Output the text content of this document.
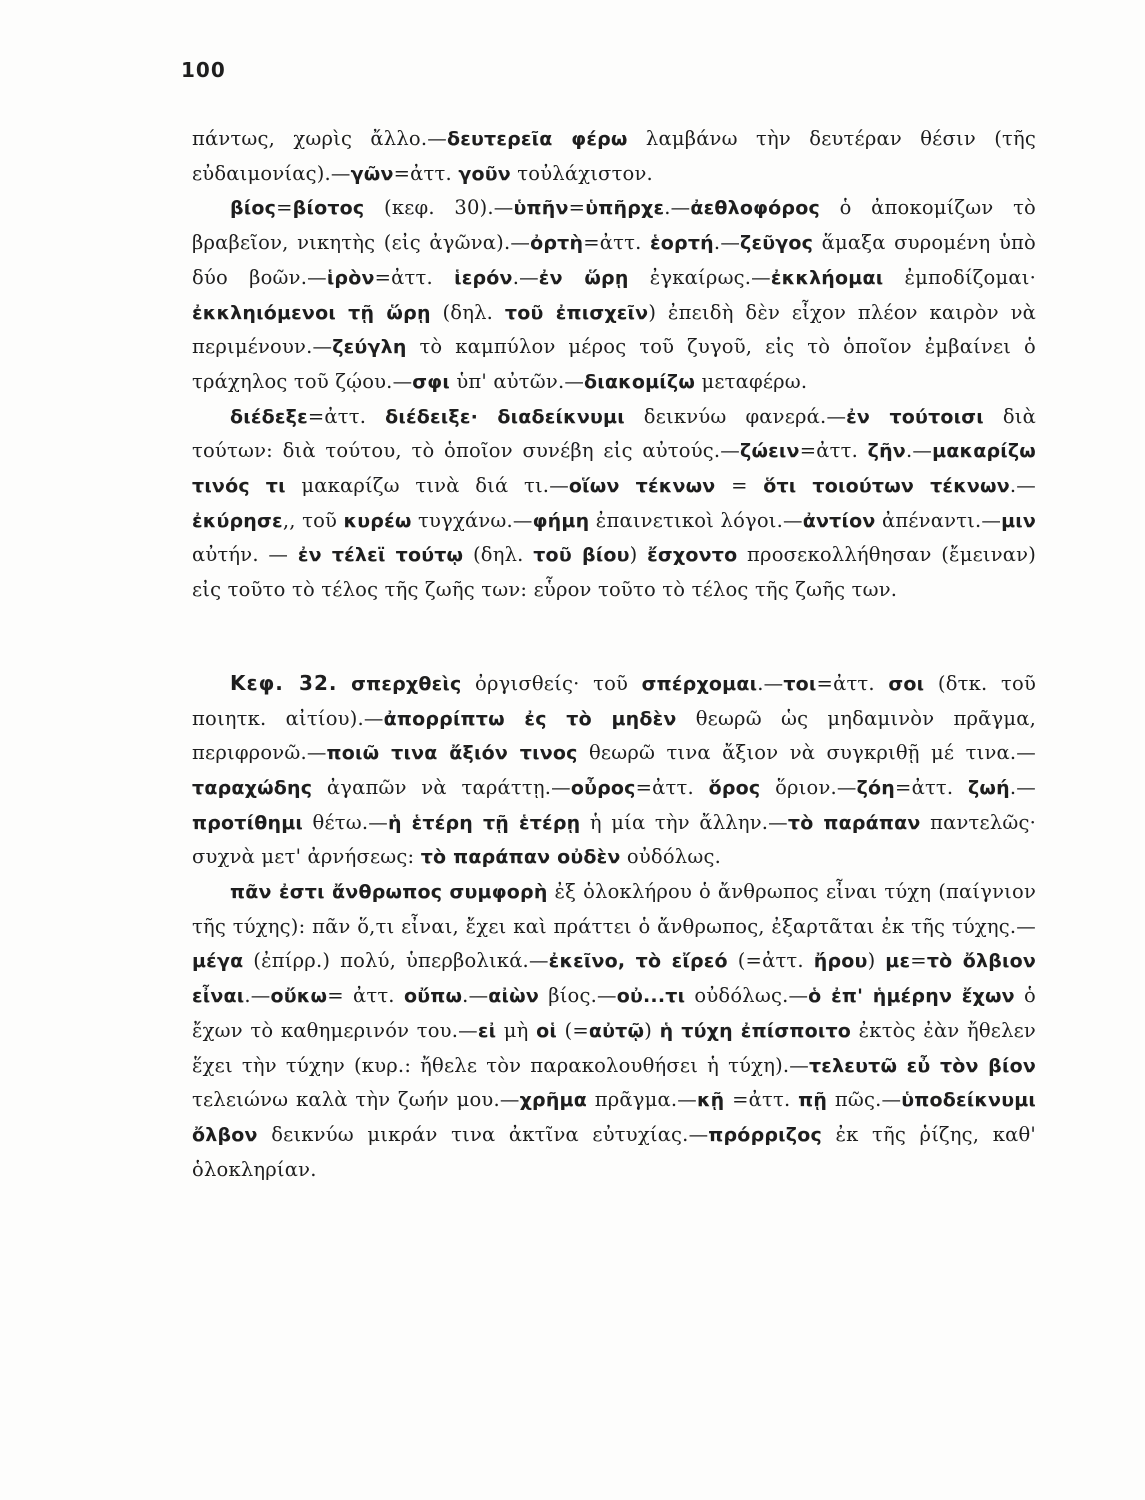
100

πάντως, χωρὶς ἄλλο.—δευτερεῖα φέρω λαμβάνω τὴν δευτέραν θέσιν (τῆς εὐδαιμονίας).—γῶν=ἀττ. γοῦν τοὐλάχιστον.

βίος=βίοτος (κεφ. 30).—ὑπῆν=ὑπῆρχε.—ἀεθλοφόρος ὁ ἀποκομίζων τὸ βραβεῖον, νικητὴς (εἰς ἀγῶνα).—ὀρτὴ=ἀττ. ἑορτή.—ζεῦγος ἅμαξα συρομένη ὑπὸ δύο βοῶν.—ἱρὸν=ἀττ. ἱερόν.—ἐν ὥρῃ ἐγκαίρως.—ἐκκλήομαι ἐμποδίζομαι· ἐκκληιόμενοι τῇ ὥρῃ (δηλ. τοῦ ἐπισχεῖν) ἐπειδὴ δὲν εἶχον πλέον καιρὸν νὰ περιμένουν.—ζεύγλη τὸ καμπύλον μέρος τοῦ ζυγοῦ, εἰς τὸ ὁποῖον ἐμβαίνει ὁ τράχηλος τοῦ ζῴου.—σφι ὑπ' αὐτῶν.—διακομίζω μεταφέρω.

διέδεξε=ἀττ. διέδειξε· διαδείκνυμι δεικνύω φανερά.—ἐν τούτοισι διὰ τούτων: διὰ τούτου, τὸ ὁποῖον συνέβη εἰς αὐτούς.—ζώειν=ἀττ. ζῆν.—μακαρίζω τινός τι μακαρίζω τινὰ διά τι.—οἵων τέκνων = ὅτι τοιούτων τέκνων.—ἐκύρησε,, τοῦ κυρέω τυγχάνω.—φήμη ἐπαινετικοὶ λόγοι.—ἀντίον ἀπέναντι.—μιν αὐτήν. — ἐν τέλεϊ τούτῳ (δηλ. τοῦ βίου) ἔσχοντο προσεκολλήθησαν (ἔμειναν) εἰς τοῦτο τὸ τέλος τῆς ζωῆς των: εὗρον τοῦτο τὸ τέλος τῆς ζωῆς των.

Κεφ. 32. σπερχθεὶς ὀργισθείς· τοῦ σπέρχομαι.—τοι=ἀττ. σοι (δτκ. τοῦ ποιητκ. αἰτίου).—ἀπορρίπτω ἐς τὸ μηδὲν θεωρῶ ὡς μηδαμινὸν πρᾶγμα, περιφρονῶ.—ποιῶ τινα ἄξιόν τινος θεωρῶ τινα ἄξιον νὰ συγκριθῇ μέ τινα.—ταραχώδης ἀγαπῶν νὰ ταράττῃ.—οὖρος=ἀττ. ὅρος ὅριον.—ζόη=ἀττ. ζωή.—προτίθημι θέτω.—ἡ ἑτέρη τῇ ἑτέρῃ ἡ μία τὴν ἄλλην.—τὸ παράπαν παντελῶς· συχνὰ μετ' ἀρνήσεως: τὸ παράπαν οὐδὲν οὐδόλως.

πᾶν ἐστι ἄνθρωπος συμφορὴ ἐξ ὁλοκλήρου ὁ ἄνθρωπος εἶναι τύχη (παίγνιον τῆς τύχης): πᾶν ὅ,τι εἶναι, ἔχει καὶ πράττει ὁ ἄνθρωπος, ἐξαρτᾶται ἐκ τῆς τύχης.—μέγα (ἐπίρρ.) πολύ, ὑπερβολικά.—ἐκεῖνο, τὸ εἴρεό (=ἀττ. ἤρου) με=τὸ ὄλβιον εἶναι.—οὔκω= ἀττ. οὔπω.—αἰὼν βίος.—οὐ...τι οὐδόλως.—ὁ ἐπ' ἡμέρην ἔχων ὁ ἔχων τὸ καθημερινόν του.—εἰ μὴ οἱ (=αὐτῷ) ἡ τύχη ἐπίσποιτο ἐκτὸς ἐὰν ἤθελεν ἕχει τὴν τύχην (κυρ.: ἤθελε τὸν παρακολουθήσει ἡ τύχη).—τελευτῶ εὖ τὸν βίον τελειώνω καλὰ τὴν ζωήν μου.—χρῆμα πρᾶγμα.—κῇ =ἀττ. πῇ πῶς.—ὑποδείκνυμι ὄλβον δεικνύω μικράν τινα ἀκτῖνα εὐτυχίας.—πρόρριζος ἐκ τῆς ῥίζης, καθ' ὁλοκληρίαν.
